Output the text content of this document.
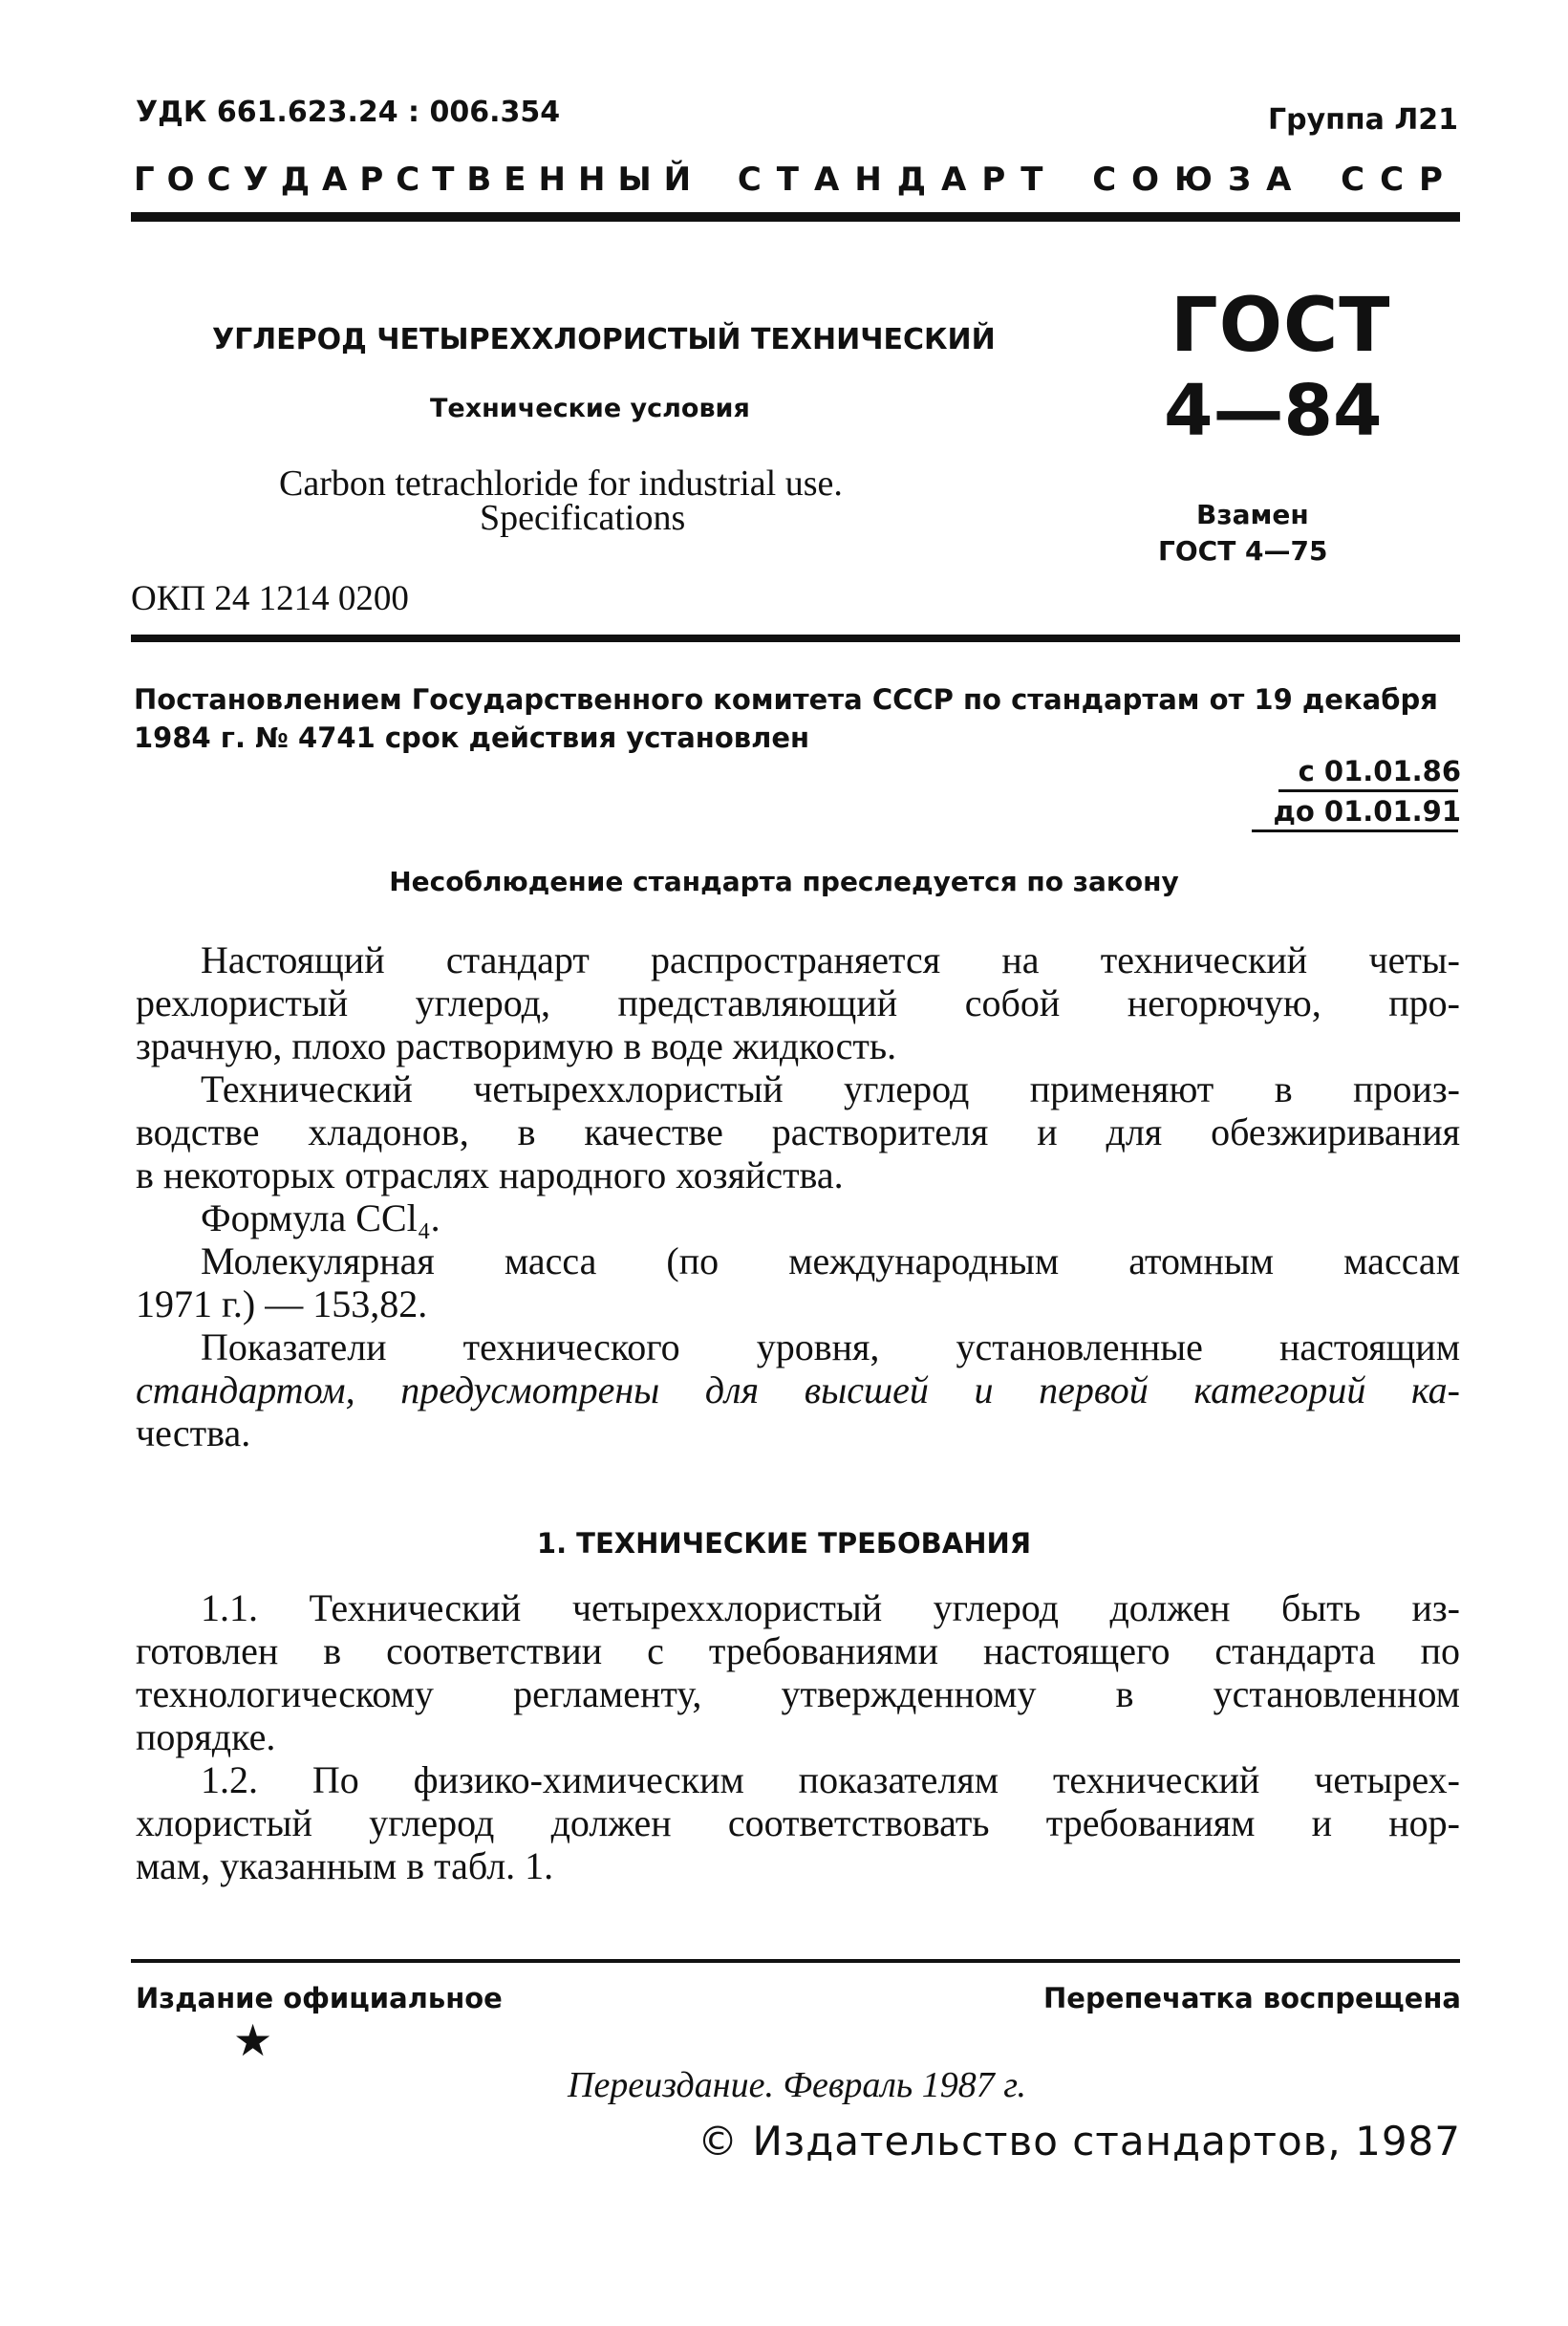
УДК 661.623.24 : 006.354	Группа Л21
ГОСУДАРСТВЕННЫЙ СТАНДАРТ СОЮЗА ССР
УГЛЕРОД ЧЕТЫРЕХХЛОРИСТЫЙ ТЕХНИЧЕСКИЙ
Технические условия
Carbon tetrachloride for industrial use.
Specifications
ОКП 24 1214 0200
ГОСТ
4—84
Взамен
ГОСТ 4—75
Постановлением Государственного комитета СССР по стандартам от 19 декабря 1984 г. № 4741 срок действия установлен
с 01.01.86
до 01.01.91
Несоблюдение стандарта преследуется по закону
Настоящий стандарт распространяется на технический четы-
рехлористый углерод, представляющий собой негорючую, про-
зрачную, плохо растворимую в воде жидкость.
Технический четыреххлористый углерод применяют в произ-
водстве хладонов, в качестве растворителя и для обезжиривания
в некоторых отраслях народного хозяйства.
Формула CCl₄.
Молекулярная масса (по международным атомным массам
1971 г.) — 153,82.
Показатели технического уровня, установленные настоящим
стандартом, предусмотрены для высшей и первой категорий ка-
чества.
1. ТЕХНИЧЕСКИЕ ТРЕБОВАНИЯ
1.1. Технический четыреххлористый углерод должен быть из-
готовлен в соответствии с требованиями настоящего стандарта по
технологическому регламенту, утвержденному в установленном
порядке.
1.2. По физико-химическим показателям технический четырех-
хлористый углерод должен соответствовать требованиям и нор-
мам, указанным в табл. 1.
Издание официальное	Перепечатка воспрещена
★
Переиздание. Февраль 1987 г.
© Издательство стандартов, 1987
